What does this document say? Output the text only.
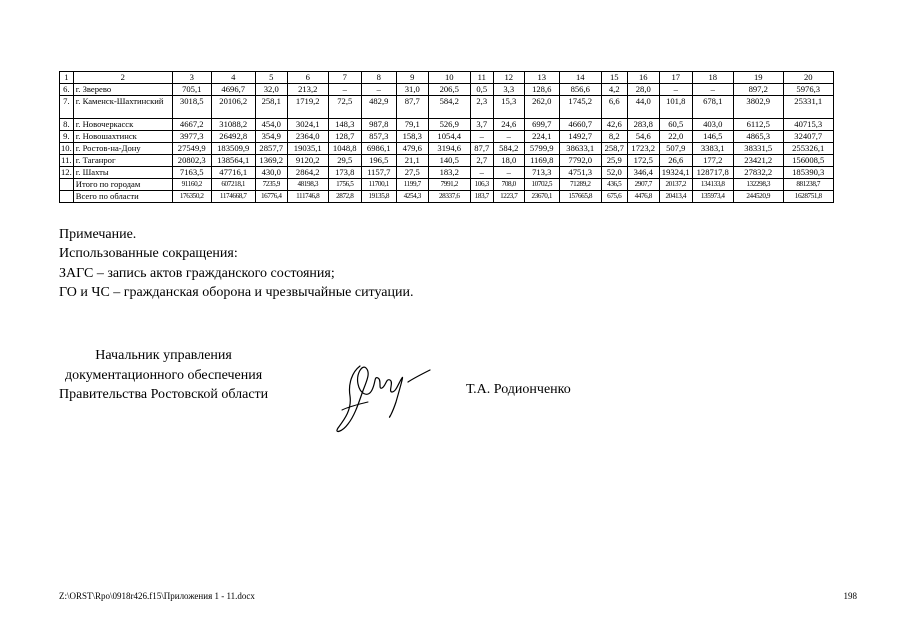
1	2	3	4	5	6	7	8	9	10	11	12	13	14	15	16	17	18	19	20
6.	г. Зверево	705,1	4696,7	32,0	213,2	–	–	31,0	206,5	0,5	3,3	128,6	856,6	4,2	28,0	–	–	897,2	5976,3
7.	г. Каменск-Шахтинский	3018,5	20106,2	258,1	1719,2	72,5	482,9	87,7	584,2	2,3	15,3	262,0	1745,2	6,6	44,0	101,8	678,1	3802,9	25331,1
8.	г. Новочеркасск	4667,2	31088,2	454,0	3024,1	148,3	987,8	79,1	526,9	3,7	24,6	699,7	4660,7	42,6	283,8	60,5	403,0	6112,5	40715,3
9.	г. Новошахтинск	3977,3	26492,8	354,9	2364,0	128,7	857,3	158,3	1054,4	–	–	224,1	1492,7	8,2	54,6	22,0	146,5	4865,3	32407,7
10.	г. Ростов-на-Дону	27549,9	183509,9	2857,7	19035,1	1048,8	6986,1	479,6	3194,6	87,7	584,2	5799,9	38633,1	258,7	1723,2	507,9	3383,1	38331,5	255326,1
11.	г. Таганрог	20802,3	138564,1	1369,2	9120,2	29,5	196,5	21,1	140,5	2,7	18,0	1169,8	7792,0	25,9	172,5	26,6	177,2	23421,2	156008,5
12.	г. Шахты	7163,5	47716,1	430,0	2864,2	173,8	1157,7	27,5	183,2	–	–	713,3	4751,3	52,0	346,4	19324,1	128717,8	27832,2	185390,3
	Итого по городам	91160,2	607218,1	7235,9	48198,3	1756,5	11700,1	1199,7	7991,2	106,3	708,0	10702,5	71289,2	436,5	2907,7	20137,2	134133,8	132298,3	881238,7
	Всего по области	176350,2	1174668,7	16776,4	111746,8	2872,8	19135,8	4254,3	28337,6	183,7	1223,7	23670,1	157665,8	675,6	4476,8	20413,4	135973,4	244520,9	1628751,8
Примечание.
Использованные сокращения:
ЗАГС – запись актов гражданского состояния;
ГО и ЧС – гражданская оборона и чрезвычайные ситуации.
Начальник управления
документационного обеспечения
Правительства Ростовской области	Т.А. Родионченко
Z:\ORST\Rpo\0918r426.f15\Приложения 1 - 11.docx	198
